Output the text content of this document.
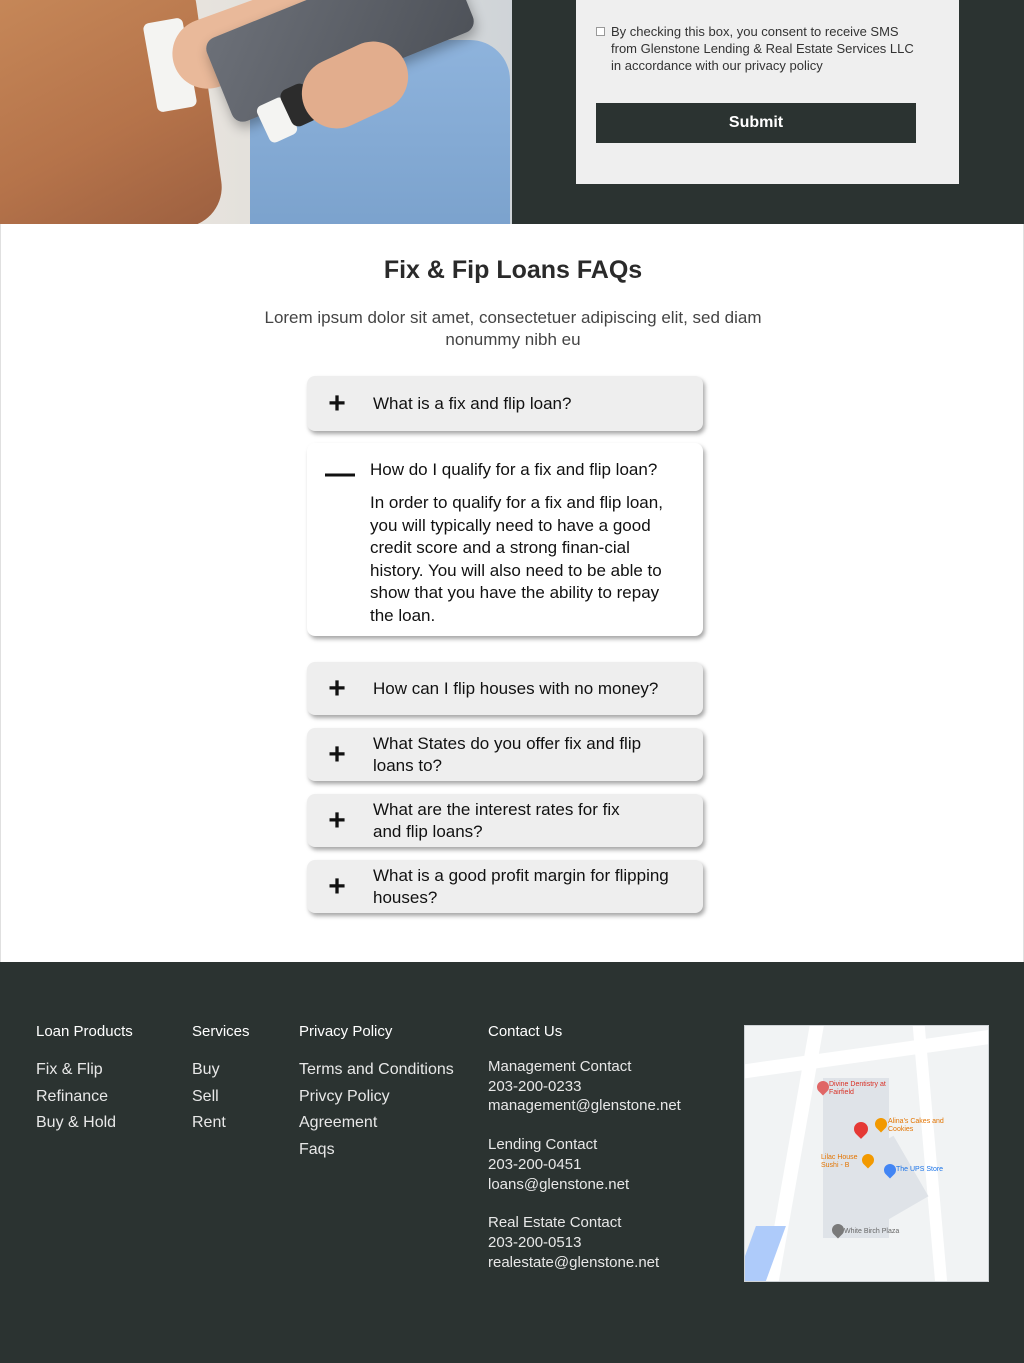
By checking this box, you consent to receive SMS from Glenstone Lending & Real Estate Services LLC in accordance with our privacy policy
Submit
Fix & Fip Loans FAQs

Lorem ipsum dolor sit amet, consectetuer adipiscing elit, sed diam nonummy nibh eu

+ What is a fix and flip loan?
— How do I qualify for a fix and flip loan?

In order to qualify for a fix and flip loan, you will typically need to have a good credit score and a strong finan-cial history. You will also need to be able to show that you have the ability to repay the loan.

+ How can I flip houses with no money?
+ What States do you offer fix and flip loans to?
+ What are the interest rates for fix and flip loans?
+ What is a good profit margin for flipping houses?
Loan Products
Fix & Flip
Refinance
Buy & Hold
Services
Buy
Sell
Rent
Privacy Policy
Terms and Conditions
Privcy Policy
Agreement
Faqs
Contact Us

Management Contact

203-200-0233

management@glenstone.net

Lending Contact

203-200-0451

loans@glenstone.net

Real Estate Contact

203-200-0513

realestate@glenstone.net

Divine Dentistry at Fairfield
Alina's Cakes and Cookies
Lilac House Sushi - B
The UPS Store
White Birch Plaza
